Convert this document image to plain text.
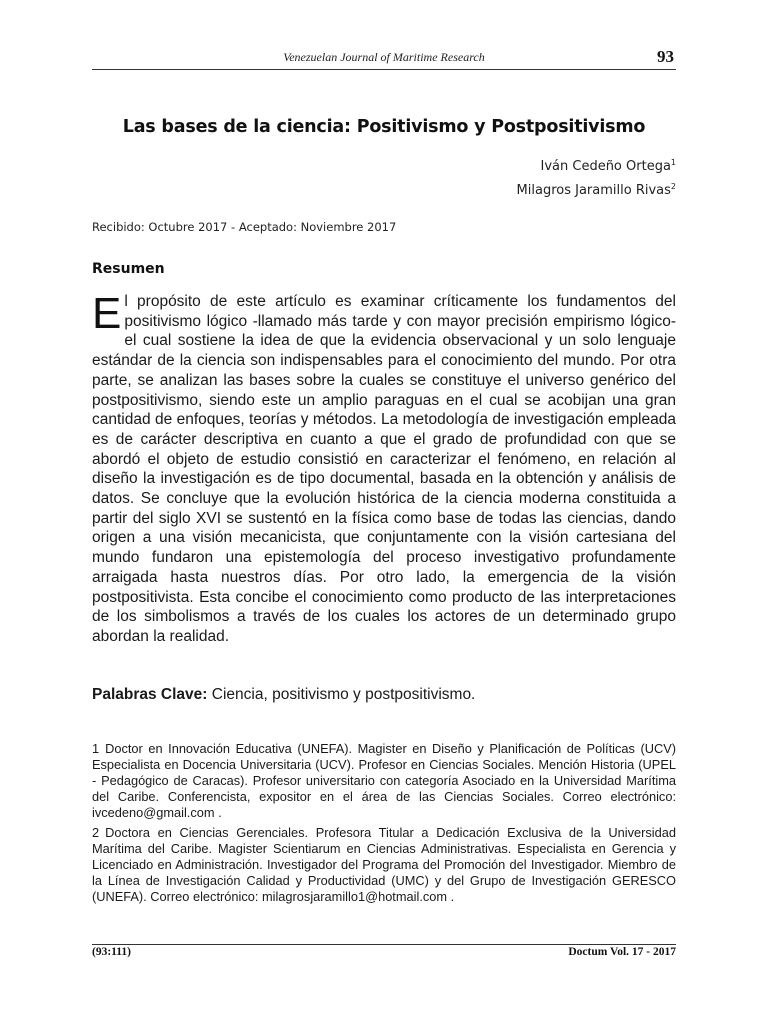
Venezuelan Journal of Maritime Research	93
Las bases de la ciencia: Positivismo y Postpositivismo
Iván Cedeño Ortega$^1$
Milagros Jaramillo Rivas$^2$
Recibido: Octubre 2017 - Aceptado: Noviembre 2017
Resumen

El propósito de este artículo es examinar críticamente los fundamentos del positivismo lógico -llamado más tarde y con mayor precisión empirismo lógico- el cual sostiene la idea de que la evidencia observacional y un solo lenguaje estándar de la ciencia son indispensables para el conocimiento del mundo. Por otra parte, se analizan las bases sobre la cuales se constituye el universo genérico del postpositivismo, siendo este un amplio paraguas en el cual se acobijan una gran cantidad de enfoques, teorías y métodos. La metodología de investigación empleada es de carácter descriptiva en cuanto a que el grado de profundidad con que se abordó el objeto de estudio consistió en caracterizar el fenómeno, en relación al diseño la investigación es de tipo documental, basada en la obtención y análisis de datos. Se concluye que la evolución histórica de la ciencia moderna constituida a partir del siglo XVI se sustentó en la física como base de todas las ciencias, dando origen a una visión mecanicista, que conjuntamente con la visión cartesiana del mundo fundaron una epistemología del proceso investigativo profundamente arraigada hasta nuestros días. Por otro lado, la emergencia de la visión postpositivista. Esta concibe el conocimiento como producto de las interpretaciones de los simbolismos a través de los cuales los actores de un determinado grupo abordan la realidad.

Palabras Clave: Ciencia, positivismo y postpositivismo.

1 Doctor en Innovación Educativa (UNEFA). Magister en Diseño y Planificación de Políticas (UCV) Especialista en Docencia Universitaria (UCV). Profesor en Ciencias Sociales. Mención Historia (UPEL - Pedagógico de Caracas). Profesor universitario con categoría Asociado en la Universidad Marítima del Caribe. Conferencista, expositor en el área de las Ciencias Sociales. Correo electrónico: ivcedeno@gmail.com .

2 Doctora en Ciencias Gerenciales. Profesora Titular a Dedicación Exclusiva de la Universidad Marítima del Caribe. Magister Scientiarum en Ciencias Administrativas. Especialista en Gerencia y Licenciado en Administración. Investigador del Programa del Promoción del Investigador. Miembro de la Línea de Investigación Calidad y Productividad (UMC) y del Grupo de Investigación GERESCO (UNEFA). Correo electrónico: milagrosjaramillo1@hotmail.com .

(93:111)	Doctum Vol. 17 - 2017
